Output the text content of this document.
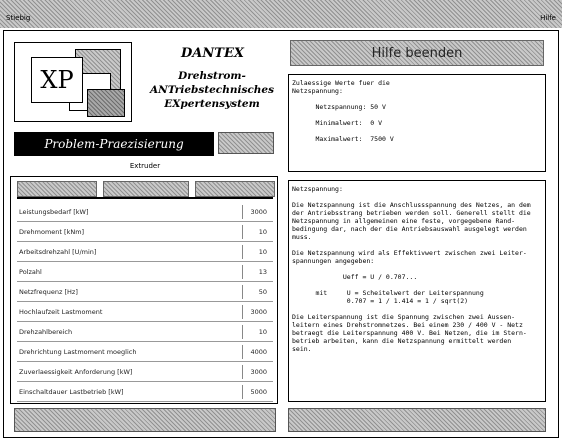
Stiebig	Hilfe
XP
DANTEX
Drehstrom-
ANTriebstechnisches
EXpertensystem
Problem-Praezisierung
Extruder
Leistungsbedarf [kW]	3000
Drehmoment [kNm]	10
Arbeitsdrehzahl [U/min]	10
Polzahl	13
Netzfrequenz [Hz]	50
Hochlaufzeit Lastmoment	3000
Drehzahlbereich	10
Drehrichtung Lastmoment moeglich	4000
Zuverlaessigkeit Anforderung [kW]	3000
Einschaltdauer Lastbetrieb [kW]	5000
Hilfe beenden
Zulaessige Werte fuer die
Netzspannung:

Netzspannung: 50 V

Minimalwert:  0 V

Maximalwert:  7500 V
Netzspannung:

Die Netzspannung ist die Anschlussspannung des Netzes, an dem
der Antriebsstrang betrieben werden soll. Generell stellt die
Netzspannung in allgemeinen eine feste, vorgegebene Rand-
bedingung dar, nach der die Antriebsauswahl ausgelegt werden
muss.

Die Netzspannung wird als Effektivwert zwischen zwei Leiter-
spannungen angegeben:

Ueff = U / 0.707...

mit     U = Scheitelwert der Leiterspannung
0.707 = 1 / 1.414 = 1 / sqrt(2)

Die Leiterspannung ist die Spannung zwischen zwei Aussen-
leitern eines Drehstromnetzes. Bei einem 230 / 400 V - Netz
betraegt die Leiterspannung 400 V. Bei Netzen, die im Stern-
betrieb arbeiten, kann die Netzspannung ermittelt werden
sein.
